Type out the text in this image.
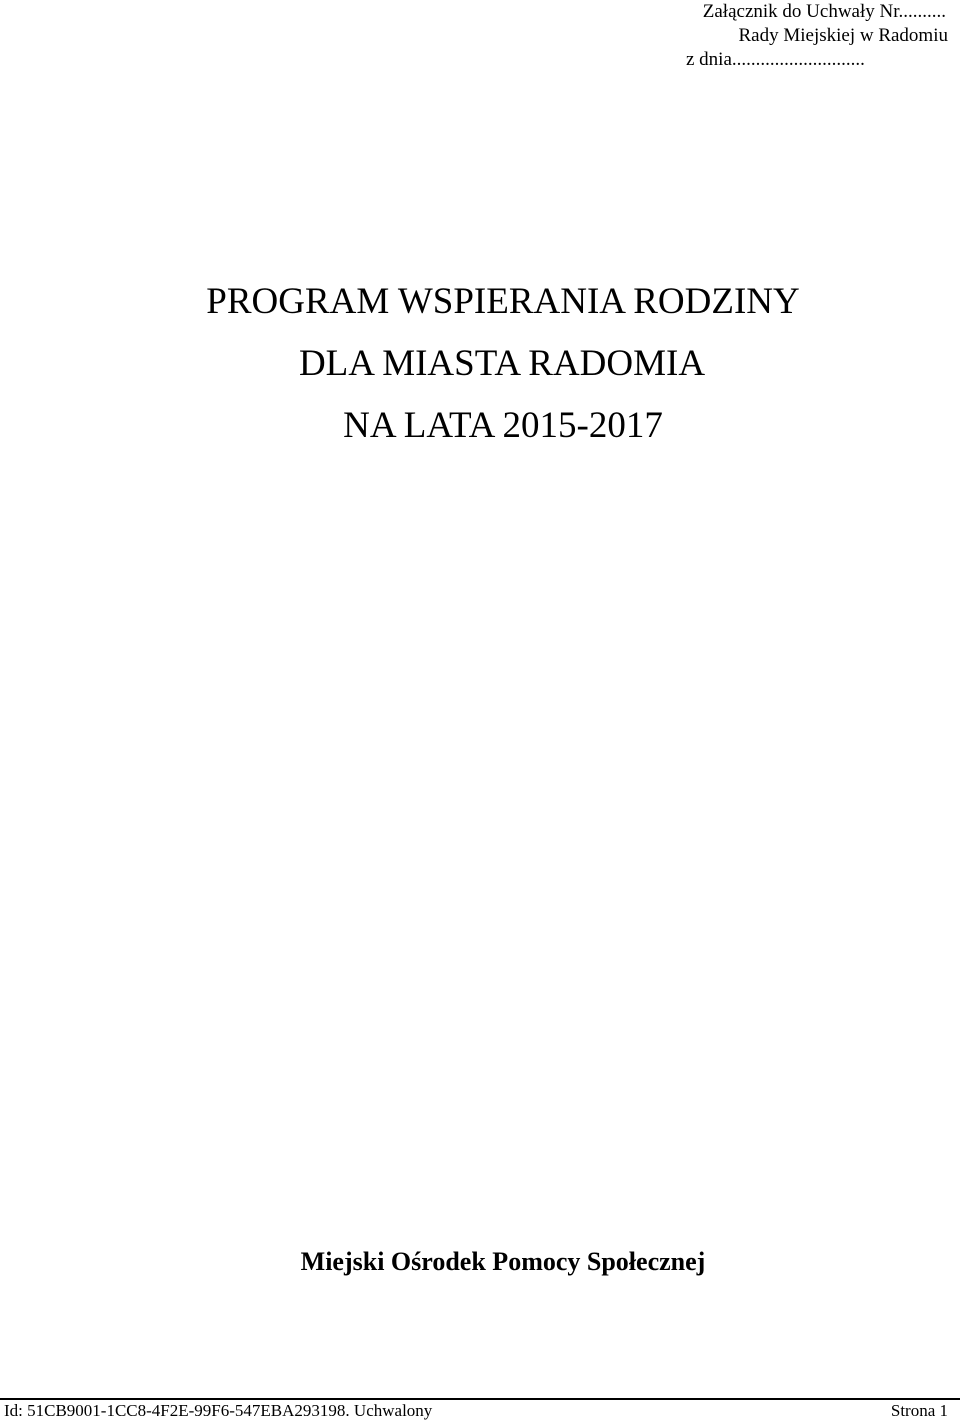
Załącznik do Uchwały Nr..........
Rady Miejskiej w Radomiu
z dnia............................
PROGRAM WSPIERANIA RODZINY
DLA MIASTA RADOMIA
NA LATA 2015-2017
Miejski Ośrodek Pomocy Społecznej
Id: 51CB9001-1CC8-4F2E-99F6-547EBA293198. Uchwalony	Strona 1
